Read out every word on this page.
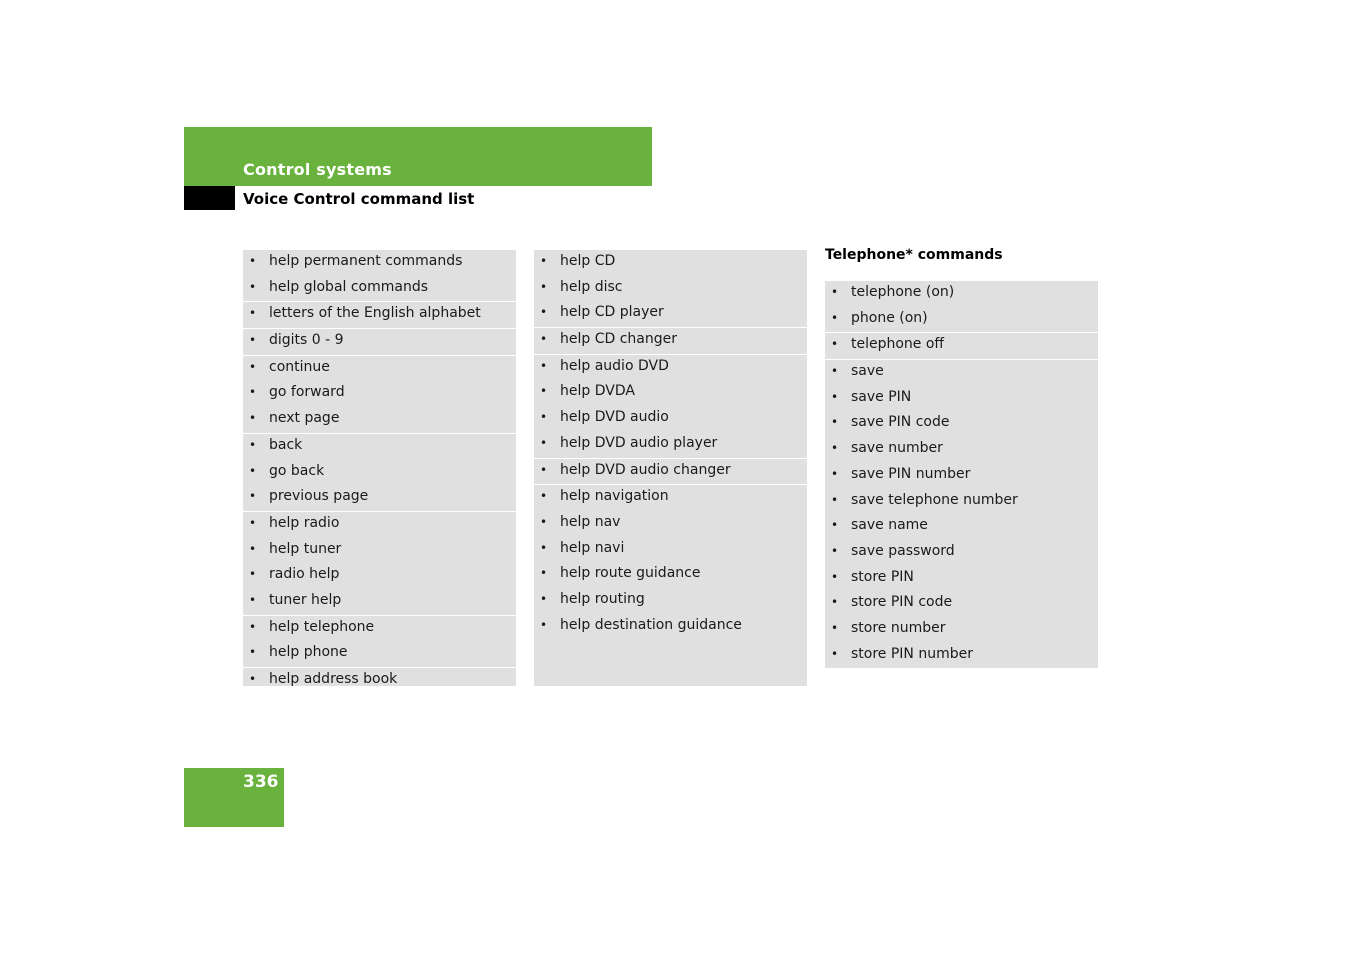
Control systems
Voice Control command list
• help permanent commands
• help global commands
• letters of the English alphabet
• digits 0 - 9
• continue
• go forward
• next page
• back
• go back
• previous page
• help radio
• help tuner
• radio help
• tuner help
• help telephone
• help phone
• help address book
• help CD
• help disc
• help CD player
• help CD changer
• help audio DVD
• help DVDA
• help DVD audio
• help DVD audio player
• help DVD audio changer
• help navigation
• help nav
• help navi
• help route guidance
• help routing
• help destination guidance
Telephone* commands
• telephone (on)
• phone (on)
• telephone off
• save
• save PIN
• save PIN code
• save number
• save PIN number
• save telephone number
• save name
• save password
• store PIN
• store PIN code
• store number
• store PIN number
336
